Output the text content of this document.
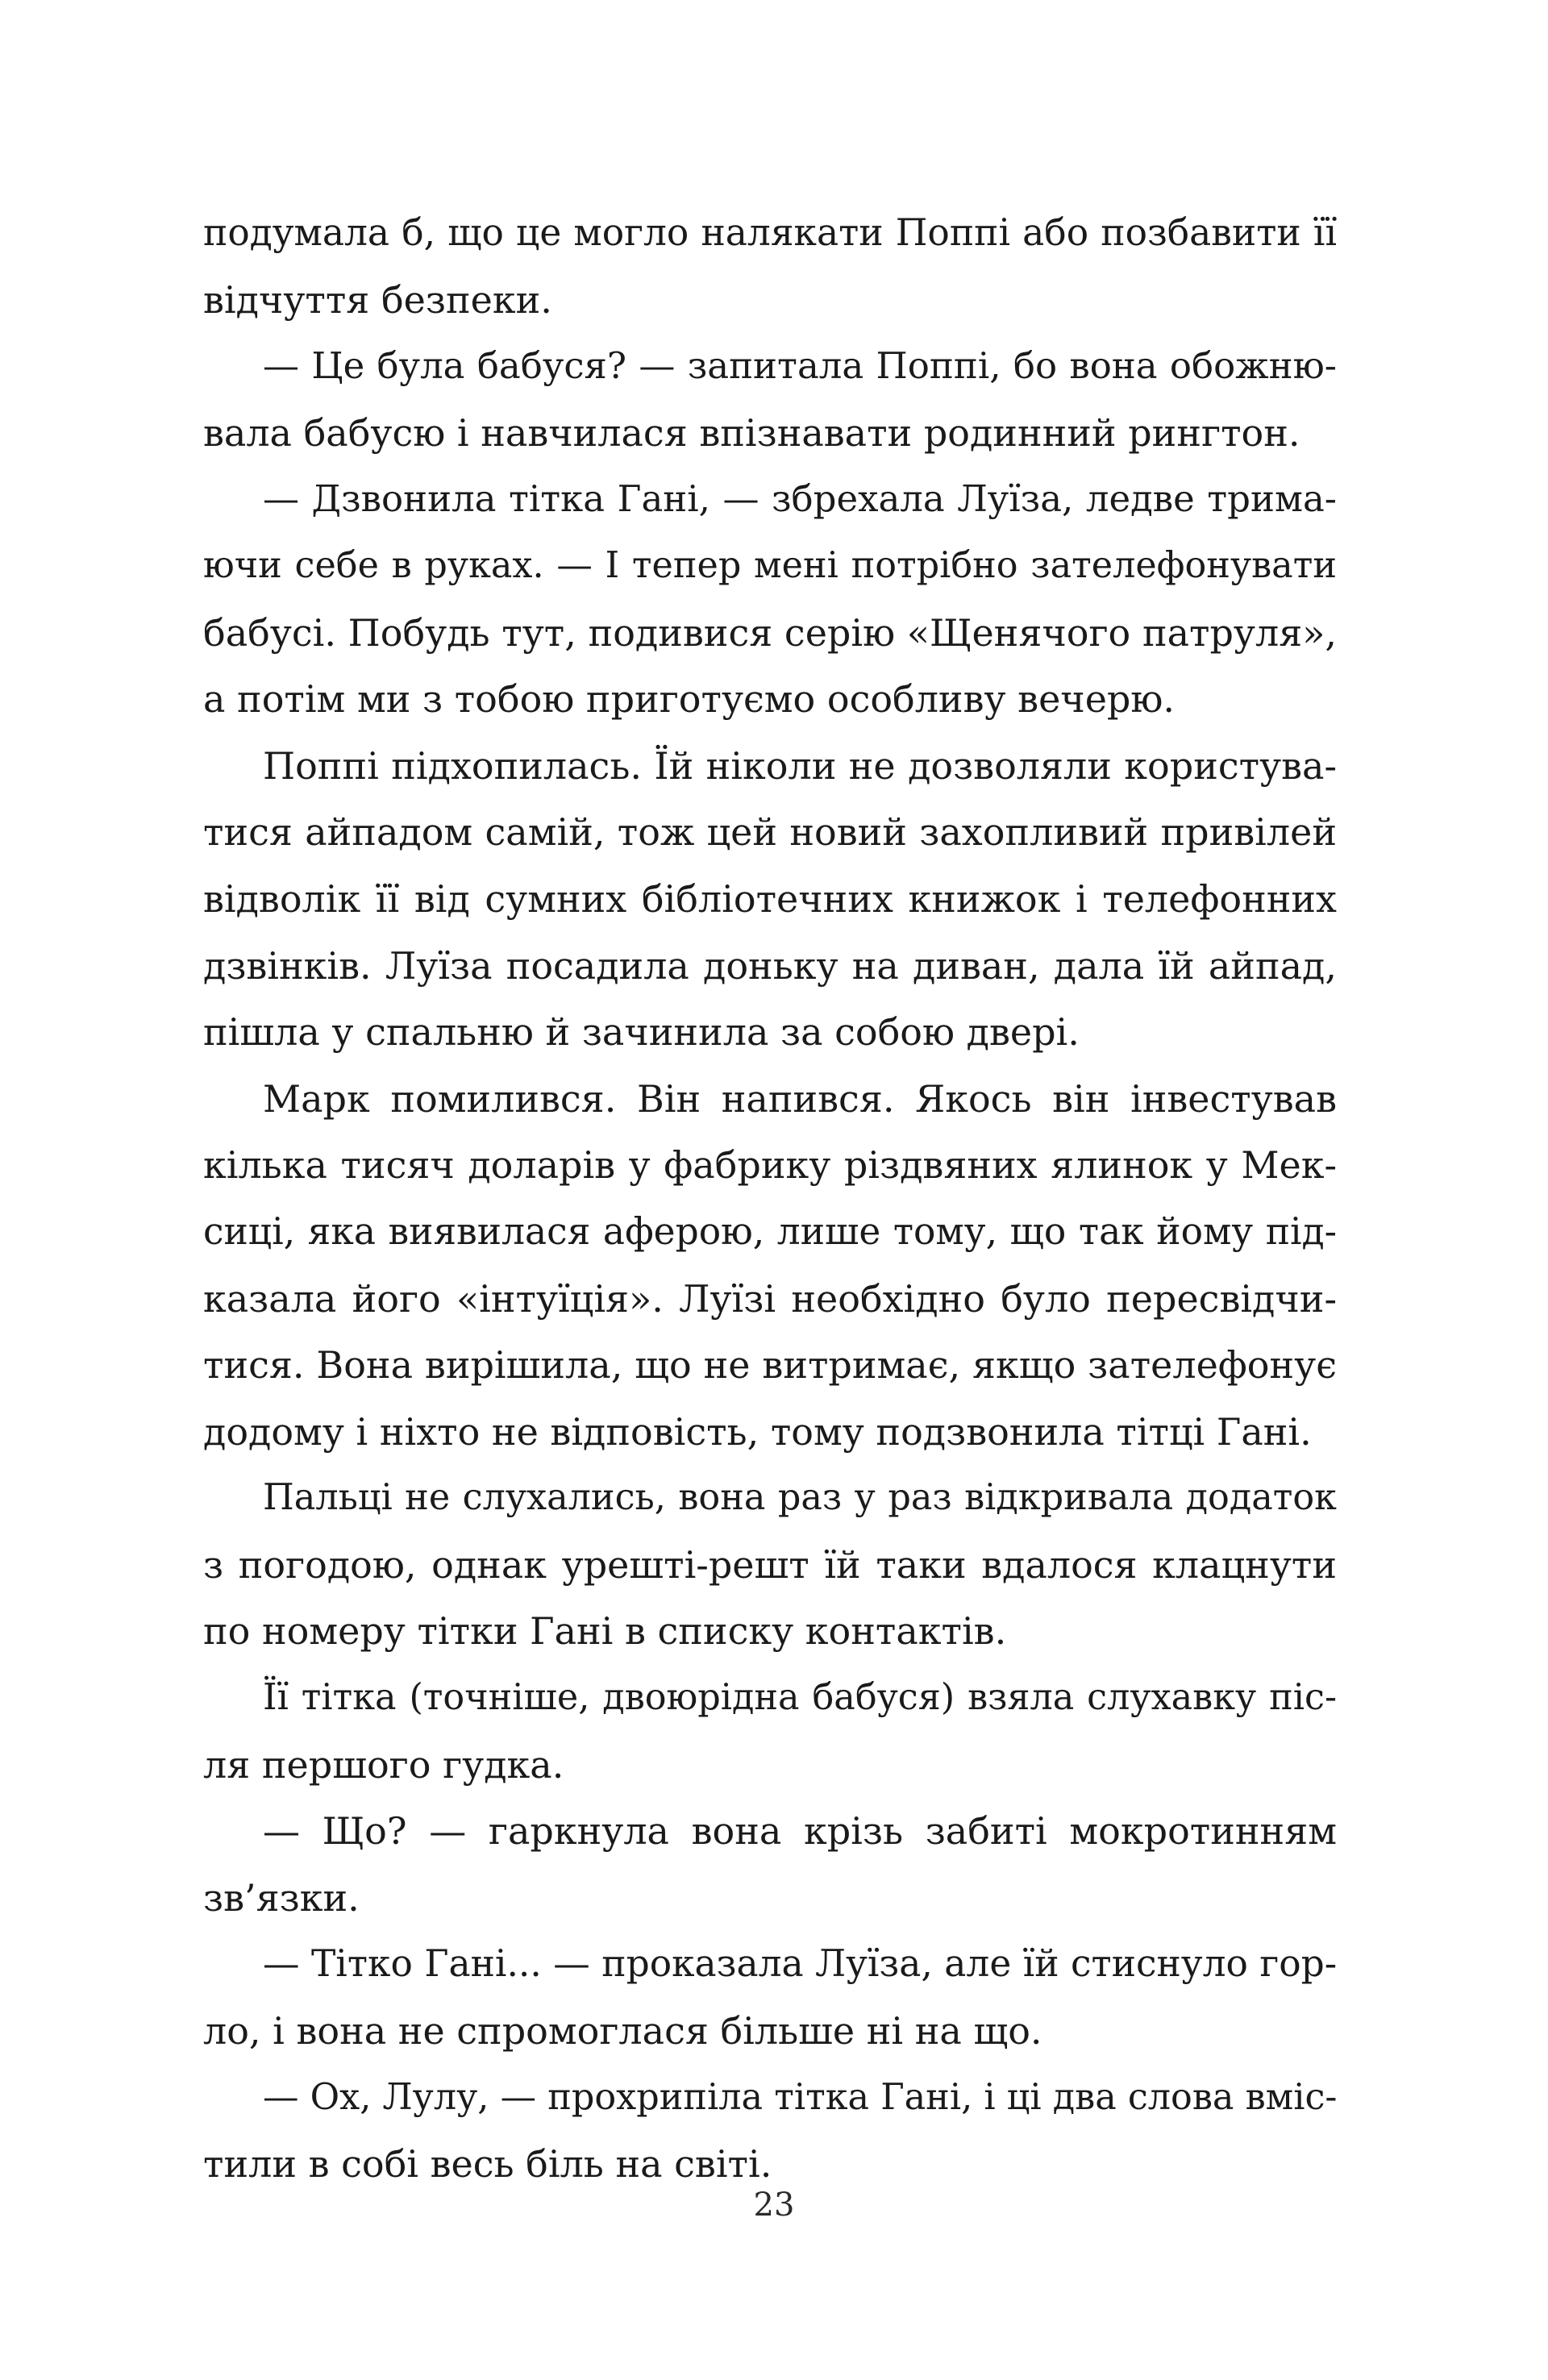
подумала б, що це могло налякати Поппі або позбавити її
відчуття безпеки.
— Це була бабуся? — запитала Поппі, бо вона обожню-
вала бабусю і навчилася впізнавати родинний рингтон.
— Дзвонила тітка Гані, — збрехала Луїза, ледве трима-
ючи себе в руках. — І тепер мені потрібно зателефонувати
бабусі. Побудь тут, подивися серію «Щенячого патруля»,
а потім ми з тобою приготуємо особливу вечерю.
Поппі підхопилась. Їй ніколи не дозволяли користува-
тися айпадом самій, тож цей новий захопливий привілей
відволік її від сумних бібліотечних книжок і телефонних
дзвінків. Луїза посадила доньку на диван, дала їй айпад,
пішла у спальню й зачинила за собою двері.
Марк помилився. Він напився. Якось він інвестував
кілька тисяч доларів у фабрику різдвяних ялинок у Мек-
сиці, яка виявилася аферою, лише тому, що так йому під-
казала його «інтуїція». Луїзі необхідно було пересвідчи-
тися. Вона вирішила, що не витримає, якщо зателефонує
додому і ніхто не відповість, тому подзвонила тітці Гані.
Пальці не слухались, вона раз у раз відкривала додаток
з погодою, однак урешті-решт їй таки вдалося клацнути
по номеру тітки Гані в списку контактів.
Її тітка (точніше, двоюрідна бабуся) взяла слухавку піс-
ля першого гудка.
— Що? — гаркнула вона крізь забиті мокротинням
зв’язки.
— Тітко Гані... — проказала Луїза, але їй стиснуло гор-
ло, і вона не спромоглася більше ні на що.
— Ох, Лулу, — прохрипіла тітка Гані, і ці два слова вміс-
тили в собі весь біль на світі.
23
